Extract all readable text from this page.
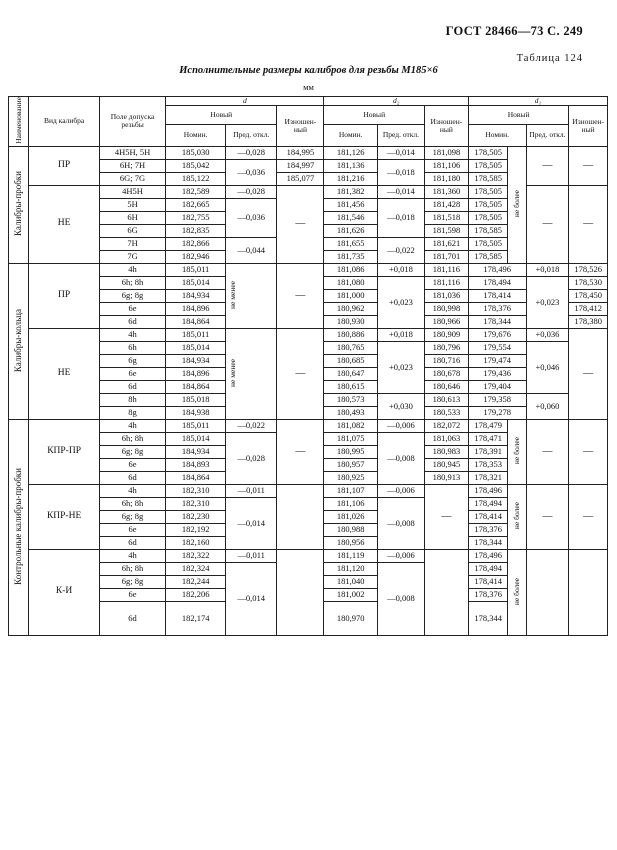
ГОСТ 28466—73 С. 249
Таблица 124
Исполнительные размеры калибров для резьбы М185×6
мм
Наименование	Вид калибра	Поле допуска резьбы	d			d₂			d₁			
			Новый		Изношен-ный	Новый		Изношен-ный	Новый			Изношен-ный
			Номин.	Пред. откл.		Номин.	Пред. откл.		Номин.		Пред. откл.	
Калибры-пробки	ПР	4H5H, 5H	185,030	—0,028	184,995	181,126	—0,014	181,098	178,505	не более	—	—
		6H; 7H	185,042	—0,036	184,997	181,136	—0,018	181,106	178,505			
		6G; 7G	185,122		185,077	181,216		181,180	178,585			
	НЕ	4H5H	182,589	—0,028	—	181,382	—0,014	181,360	178,505		—	—
		5H	182,665	—0,036		181,456	—0,018	181,428	178,505			
		6H	182,755			181,546		181,518	178,505			
		6G	182,835			181,626		181,598	178,585			
		7H	182,866	—0,044		181,655	—0,022	181,621	178,505			
		7G	182,946			181,735		181,701	178,585			
Калибры-кольца	ПР	4h	185,011	не менее	—	181,086	+0,018	181,116	178,496		+0,018	178,526
		6h; 8h	185,014			181,080	+0,023	181,116	178,494		+0,023	178,530
		6g; 8g	184,934			181,000		181,036	178,414			178,450
		6e	184,896			180,962		180,998	178,376			178,412
		6d	184,864			180,930		180,966	178,344			178,380
	НЕ	4h	185,011	не менее	—	180,886	+0,018	180,909	179,676		+0,036	—
		6h	185,014			180,765	+0,023	180,796	179,554		+0,046	
		6g	184,934			180,685		180,716	179,474			
		6e	184,896			180,647		180,678	179,436			
		6d	184,864			180,615		180,646	179,404			
		8h	185,018			180,573	+0,030	180,613	179,358		+0,060	
		8g	184,938			180,493		180,533	179,278			
Контрольные калибры-пробки	КПР-ПР	4h	185,011	—0,022	—	181,082	—0,006	182,072	178,479	не более	—	—
		6h; 8h	185,014	—0,028		181,075	—0,008	181,063	178,471			
		6g; 8g	184,934			180,995		180,983	178,391			
		6e	184,893			180,957		180,945	178,353			
		6d	184,864			180,925		180,913	178,321			
	КПР-НЕ	4h	182,310	—0,011		181,107	—0,006	—	178,496	не более	—	—
		6h; 8h	182,310	—0,014		181,106	—0,008		178,494			
		6g; 8g	182,230			181,026			178,414			
		6e	182,192			180,988			178,376			
		6d	182,160			180,956			178,344			
	К-И	4h	182,322	—0,011		181,119	—0,006		178,496	не более		
		6h; 8h	182,324	—0,014		181,120	—0,008		178,494			
		6g; 8g	182,244			181,040			178,414			
		6e	182,206			181,002			178,376			
		6d	182,174			180,970			178,344			
